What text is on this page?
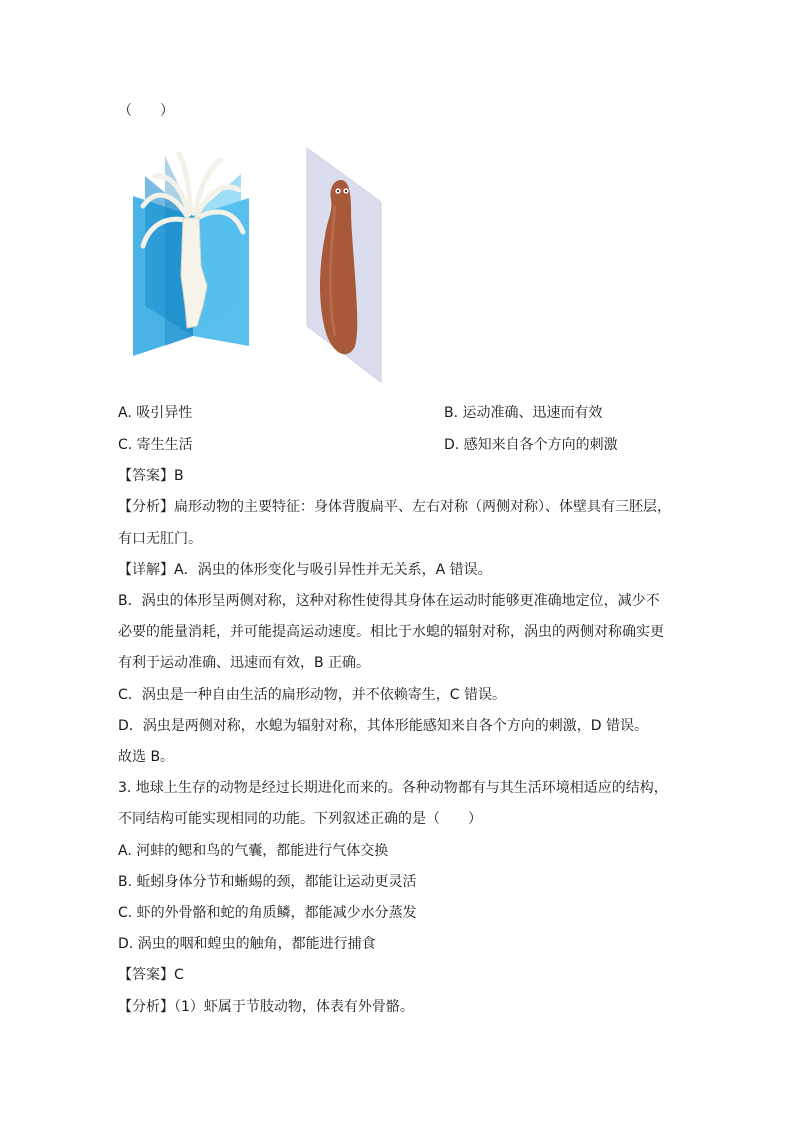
（　　）
A. 吸引异性	B. 运动准确、迅速而有效
C. 寄生生活	D. 感知来自各个方向的刺激
【答案】B
【分析】扁形动物的主要特征：身体背腹扁平、左右对称（两侧对称）、体壁具有三胚层，
有口无肛门。
【详解】A．涡虫的体形变化与吸引异性并无关系，A 错误。
B．涡虫的体形呈两侧对称，这种对称性使得其身体在运动时能够更准确地定位，减少不
必要的能量消耗，并可能提高运动速度。相比于水螅的辐射对称，涡虫的两侧对称确实更
有利于运动准确、迅速而有效，B 正确。
C．涡虫是一种自由生活的扁形动物，并不依赖寄生，C 错误。
D．涡虫是两侧对称，水螅为辐射对称，其体形能感知来自各个方向的刺激，D 错误。
故选 B。
3. 地球上生存的动物是经过长期进化而来的。各种动物都有与其生活环境相适应的结构，
不同结构可能实现相同的功能。下列叙述正确的是（　　）
A. 河蚌的鳃和鸟的气囊，都能进行气体交换
B. 蚯蚓身体分节和蜥蜴的颈，都能让运动更灵活
C. 虾的外骨骼和蛇的角质鳞，都能减少水分蒸发
D. 涡虫的咽和蝗虫的触角，都能进行捕食
【答案】C
【分析】（1）虾属于节肢动物，体表有外骨骼。
